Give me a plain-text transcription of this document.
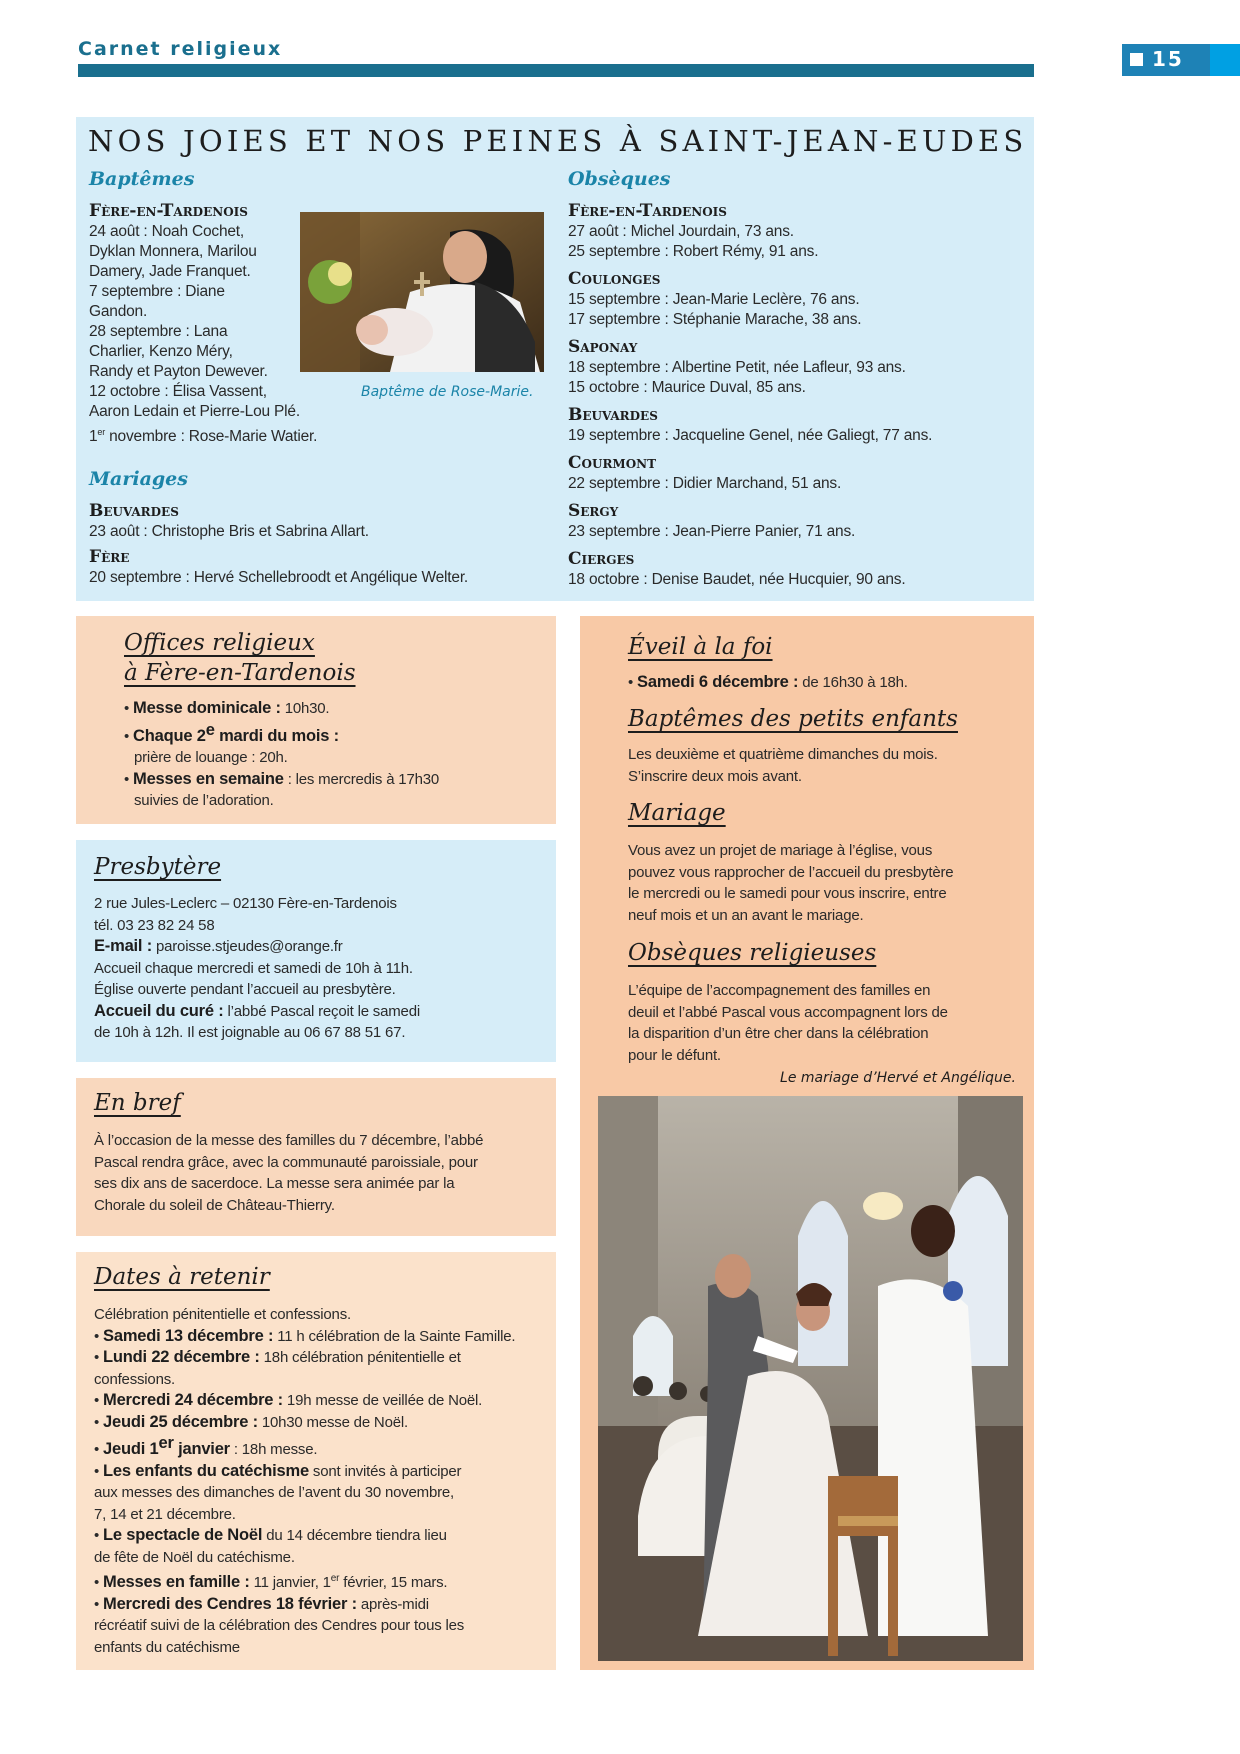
Carnet religieux	15
NOS JOIES ET NOS PEINES À SAINT-JEAN-EUDES
Baptêmes
Fère-en-Tardenois
24 août : Noah Cochet,
Dyklan Monnera, Marilou
Damery, Jade Franquet.
7 septembre : Diane
Gandon.
28 septembre : Lana
Charlier, Kenzo Méry,
Randy et Payton Dewever.
12 octobre : Élisa Vassent,
Aaron Ledain et Pierre-Lou Plé.
1er novembre : Rose-Marie Watier.
Baptême de Rose-Marie.
Mariages
Beuvardes
23 août : Christophe Bris et Sabrina Allart.
Fère
20 septembre : Hervé Schellebroodt et Angélique Welter.
Obsèques
Fère-en-Tardenois
27 août : Michel Jourdain, 73 ans.
25 septembre : Robert Rémy, 91 ans.
Coulonges
15 septembre : Jean-Marie Leclère, 76 ans.
17 septembre : Stéphanie Marache, 38 ans.
Saponay
18 septembre : Albertine Petit, née Lafleur, 93 ans.
15 octobre : Maurice Duval, 85 ans.
Beuvardes
19 septembre : Jacqueline Genel, née Galiegt, 77 ans.
Courmont
22 septembre : Didier Marchand, 51 ans.
Sergy
23 septembre : Jean-Pierre Panier, 71 ans.
Cierges
18 octobre : Denise Baudet, née Hucquier, 90 ans.
Offices religieux
à Fère-en-Tardenois
• Messe dominicale : 10h30.
• Chaque 2e mardi du mois :
prière de louange : 20h.
• Messes en semaine : les mercredis à 17h30
suivies de l’adoration.
Presbytère
2 rue Jules-Leclerc – 02130 Fère-en-Tardenois
tél. 03 23 82 24 58
E-mail : paroisse.stjeudes@orange.fr
Accueil chaque mercredi et samedi de 10h à 11h.
Église ouverte pendant l’accueil au presbytère.
Accueil du curé : l’abbé Pascal reçoit le samedi
de 10h à 12h. Il est joignable au 06 67 88 51 67.
En bref
À l’occasion de la messe des familles du 7 décembre, l’abbé
Pascal rendra grâce, avec la communauté paroissiale, pour
ses dix ans de sacerdoce. La messe sera animée par la
Chorale du soleil de Château-Thierry.
Dates à retenir
Célébration pénitentielle et confessions.
• Samedi 13 décembre : 11 h célébration de la Sainte Famille.
• Lundi 22 décembre : 18h célébration pénitentielle et
confessions.
• Mercredi 24 décembre : 19h messe de veillée de Noël.
• Jeudi 25 décembre : 10h30 messe de Noël.
• Jeudi 1er janvier : 18h messe.
• Les enfants du catéchisme sont invités à participer
aux messes des dimanches de l’avent du 30 novembre,
7, 14 et 21 décembre.
• Le spectacle de Noël du 14 décembre tiendra lieu
de fête de Noël du catéchisme.
• Messes en famille : 11 janvier, 1er février, 15 mars.
• Mercredi des Cendres 18 février : après-midi
récréatif suivi de la célébration des Cendres pour tous les
enfants du catéchisme
Éveil à la foi
• Samedi 6 décembre : de 16h30 à 18h.
Baptêmes des petits enfants
Les deuxième et quatrième dimanches du mois.
S’inscrire deux mois avant.
Mariage
Vous avez un projet de mariage à l’église, vous
pouvez vous rapprocher de l’accueil du presbytère
le mercredi ou le samedi pour vous inscrire, entre
neuf mois et un an avant le mariage.
Obsèques religieuses
L’équipe de l’accompagnement des familles en
deuil et l’abbé Pascal vous accompagnent lors de
la disparition d’un être cher dans la célébration
pour le défunt.
Le mariage d’Hervé et Angélique.
